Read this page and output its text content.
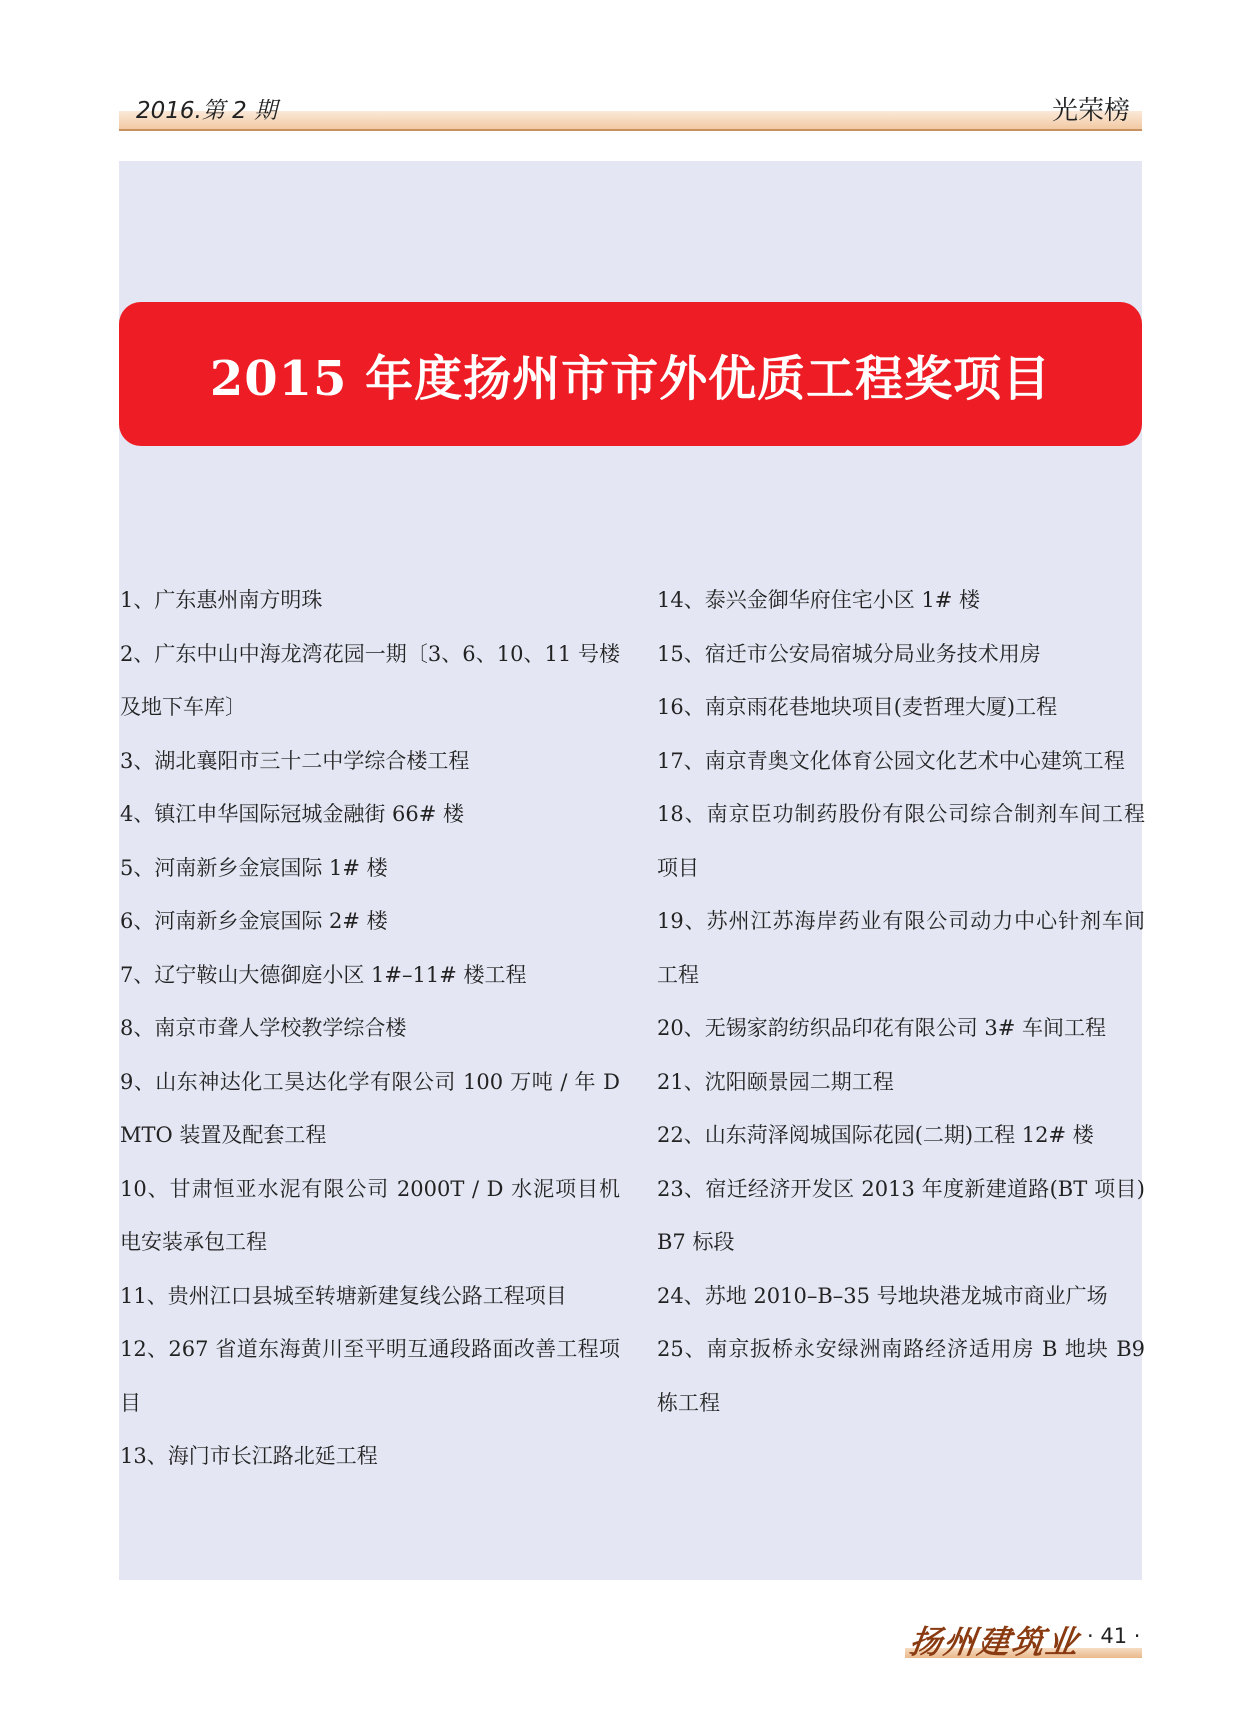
2016.第 2 期	光荣榜
2015 年度扬州市市外优质工程奖项目

1、广东惠州南方明珠

2、广东中山中海龙湾花园一期〔3、6、10、11 号楼及地下车库〕

3、湖北襄阳市三十二中学综合楼工程

4、镇江申华国际冠城金融街 66# 楼

5、河南新乡金宸国际 1# 楼

6、河南新乡金宸国际 2# 楼

7、辽宁鞍山大德御庭小区 1#–11# 楼工程

8、南京市聋人学校教学综合楼

9、山东神达化工昊达化学有限公司 100 万吨 / 年 DMTO 装置及配套工程

10、甘肃恒亚水泥有限公司 2000T / D 水泥项目机电安装承包工程

11、贵州江口县城至转塘新建复线公路工程项目

12、267 省道东海黄川至平明互通段路面改善工程项目

13、海门市长江路北延工程

14、泰兴金御华府住宅小区 1# 楼

15、宿迁市公安局宿城分局业务技术用房

16、南京雨花巷地块项目(麦哲理大厦)工程

17、南京青奥文化体育公园文化艺术中心建筑工程

18、南京臣功制药股份有限公司综合制剂车间工程项目

19、苏州江苏海岸药业有限公司动力中心针剂车间工程

20、无锡家韵纺织品印花有限公司 3# 车间工程

21、沈阳颐景园二期工程

22、山东菏泽阅城国际花园(二期)工程 12# 楼

23、宿迁经济开发区 2013 年度新建道路(BT 项目)B7 标段

24、苏地 2010–B–35 号地块港龙城市商业广场

25、南京扳桥永安绿洲南路经济适用房 B 地块 B9 栋工程

扬州建筑业 · 41 ·
